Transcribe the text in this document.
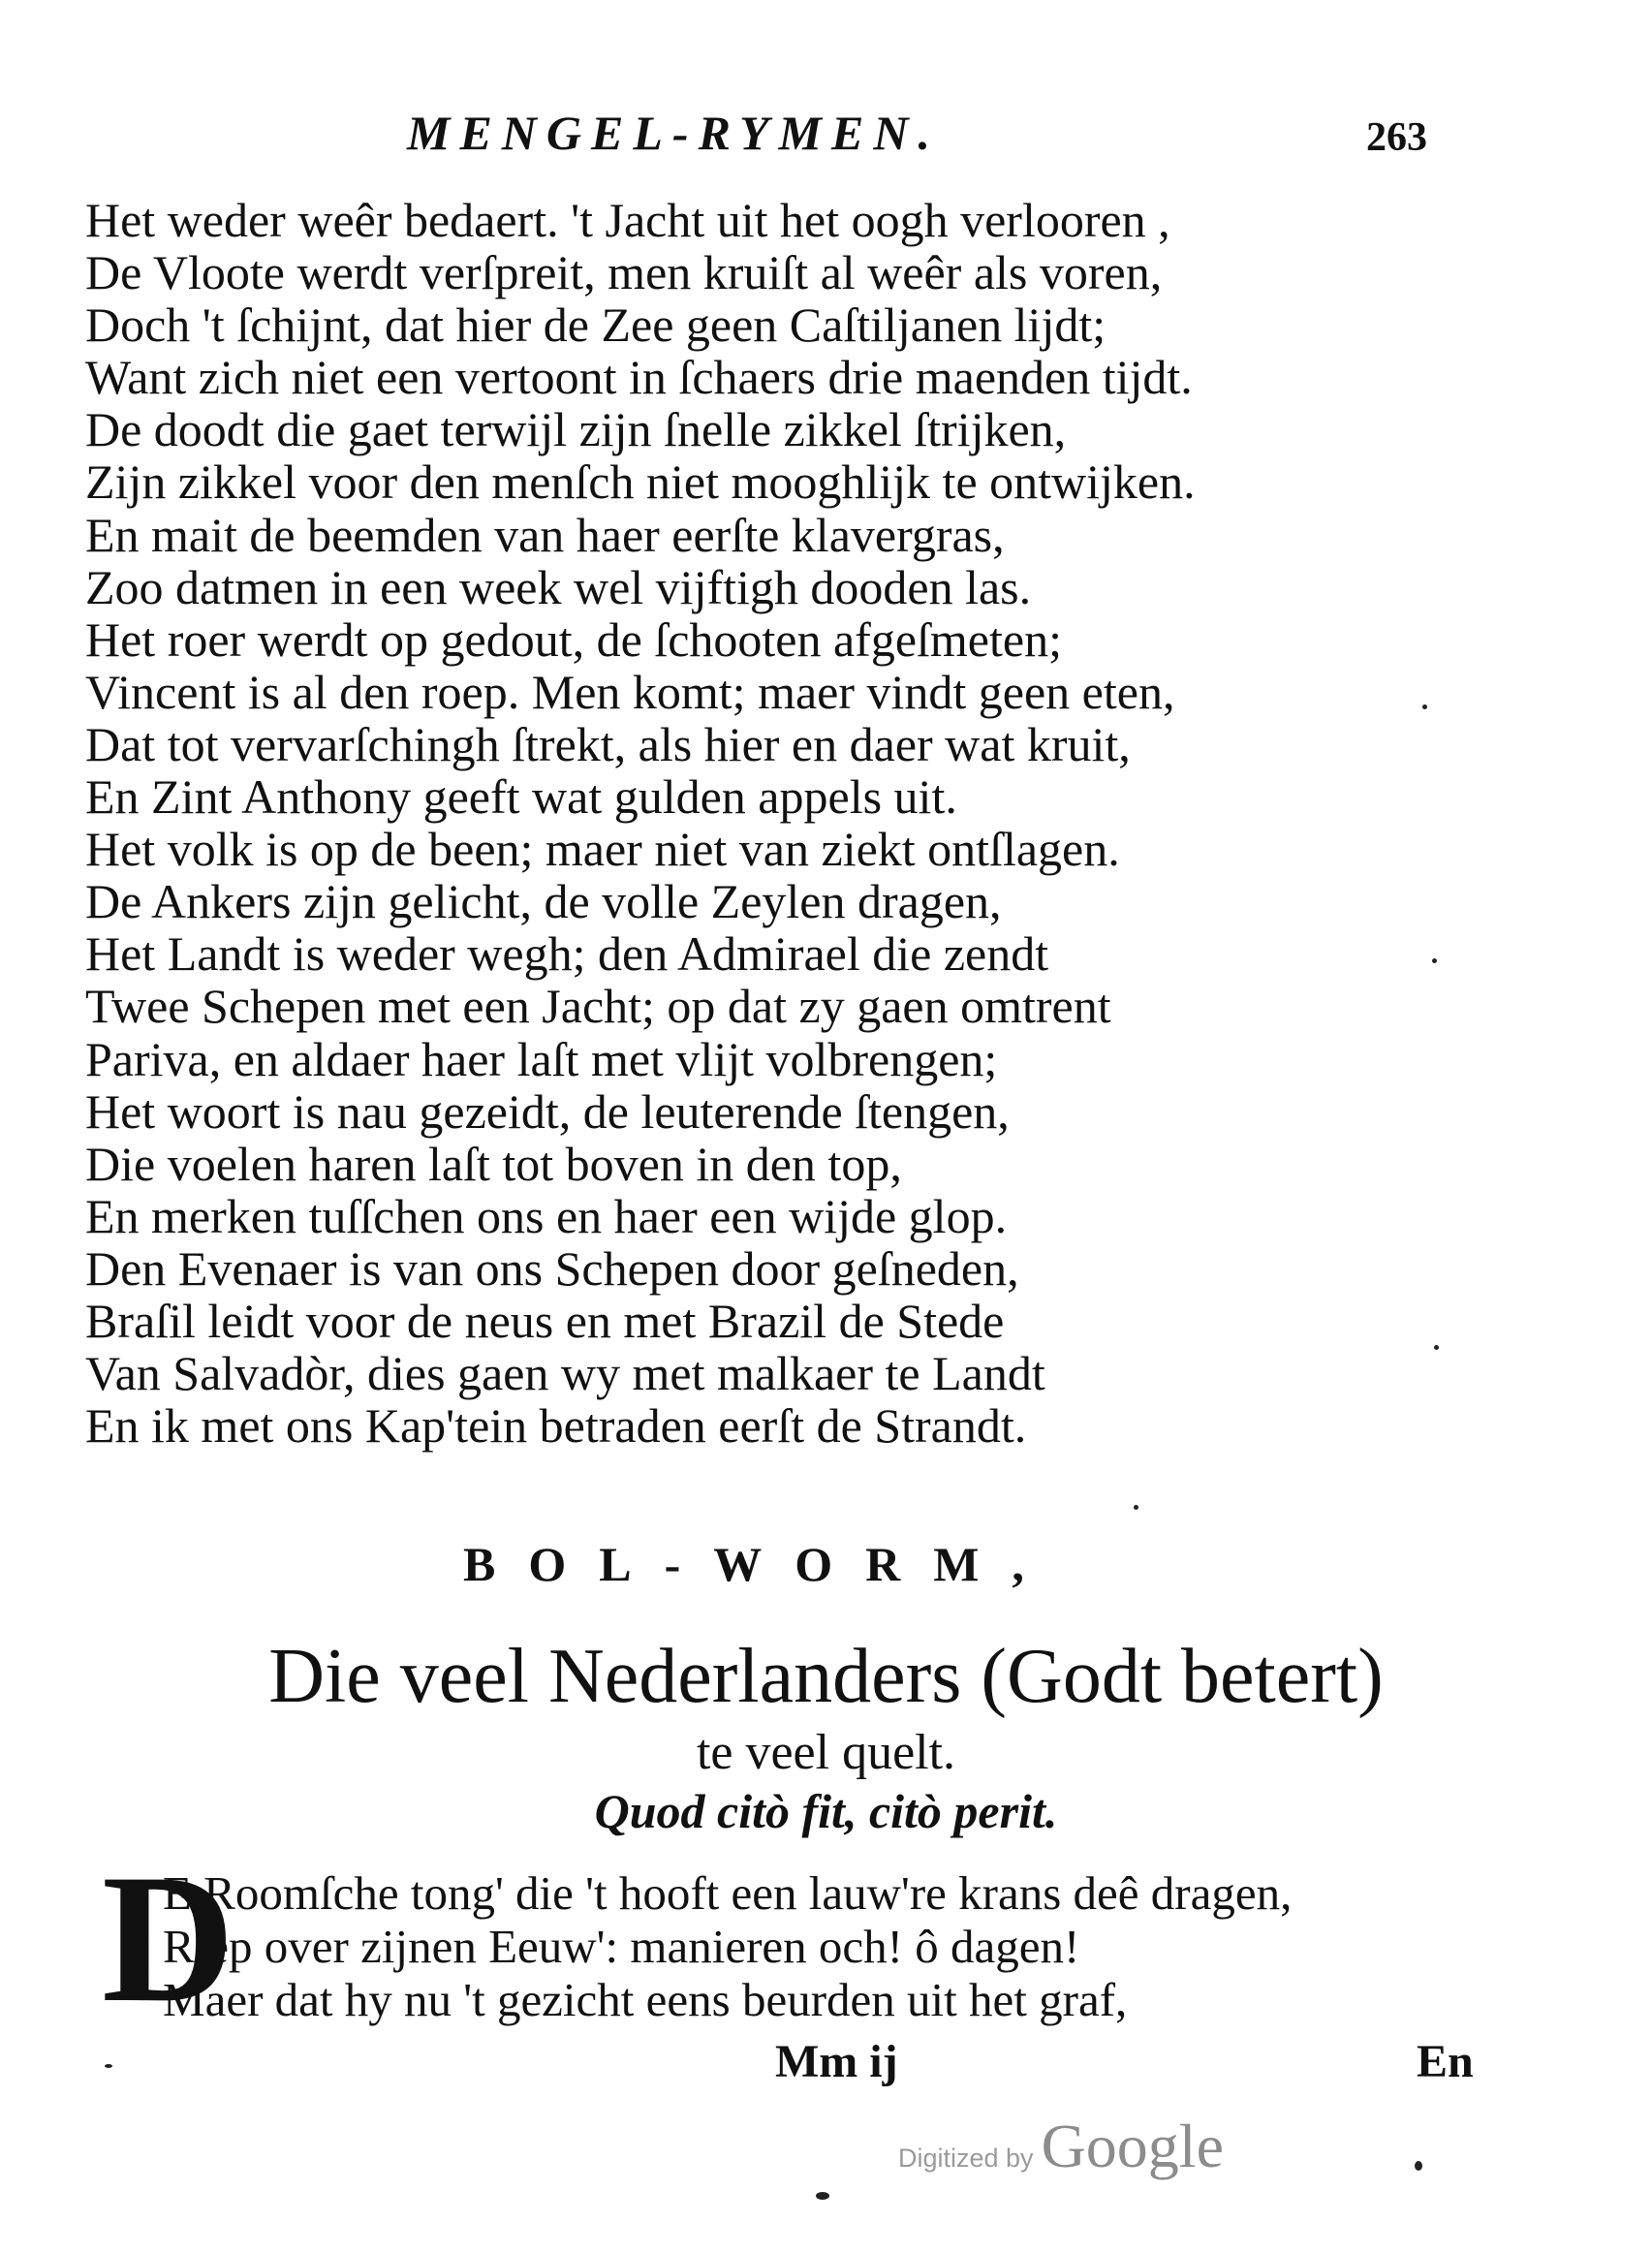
MENGEL-RYMEN.	263
Het weder weêr bedaert. 't Jacht uit het oogh verlooren ,
De Vloote werdt verſpreit, men kruiſt al weêr als voren,
Doch 't ſchijnt, dat hier de Zee geen Caſtiljanen lijdt;
Want zich niet een vertoont in ſchaers drie maenden tijdt.
De doodt die gaet terwijl zijn ſnelle zikkel ſtrijken,
Zijn zikkel voor den menſch niet mooghlijk te ontwijken.
En mait de beemden van haer eerſte klavergras,
Zoo datmen in een week wel vijftigh dooden las.
Het roer werdt op gedout, de ſchooten afgeſmeten;
Vincent is al den roep. Men komt; maer vindt geen eten,
Dat tot vervarſchingh ſtrekt, als hier en daer wat kruit,
En Zint Anthony geeft wat gulden appels uit.
Het volk is op de been; maer niet van ziekt ontſlagen.
De Ankers zijn gelicht, de volle Zeylen dragen,
Het Landt is weder wegh; den Admirael die zendt
Twee Schepen met een Jacht; op dat zy gaen omtrent
Pariva, en aldaer haer laſt met vlijt volbrengen;
Het woort is nau gezeidt, de leuterende ſtengen,
Die voelen haren laſt tot boven in den top,
En merken tuſſchen ons en haer een wijde glop.
Den Evenaer is van ons Schepen door geſneden,
Braſil leidt voor de neus en met Brazil de Stede
Van Salvadòr, dies gaen wy met malkaer te Landt
En ik met ons Kap'tein betraden eerſt de Strandt.
BOL-WORM,
Die veel Nederlanders (Godt betert)
te veel quelt.
Quod citò fit, citò perit.
D
E Roomſche tong' die 't hooft een lauw're krans deê dragen,
Riep over zijnen Eeuw': manieren och! ô dagen!
Maer dat hy nu 't gezicht eens beurden uit het graf,
Mm ij	En
Digitized by Google
